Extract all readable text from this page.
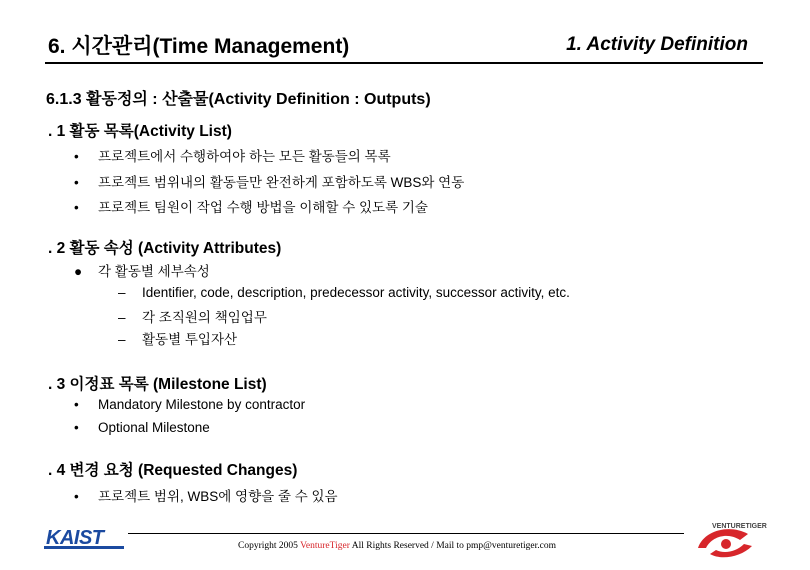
6. 시간관리(Time Management)	1. Activity Definition
6.1.3 활동정의 : 산출물(Activity Definition : Outputs)
. 1 활동 목록(Activity List)
• 프로젝트에서 수행하여야 하는 모든 활동들의 목록
• 프로젝트 범위내의 활동들만 완전하게 포함하도록 WBS와 연동
• 프로젝트 팀원이 작업 수행 방법을 이해할 수 있도록 기술
. 2 활동 속성 (Activity Attributes)
● 각 활동별 세부속성
– Identifier, code, description, predecessor activity, successor activity, etc.
– 각 조직원의 책임업무
– 활동별 투입자산
. 3 이정표 목록 (Milestone List)
• Mandatory Milestone by contractor
• Optional Milestone
. 4 변경 요청 (Requested Changes)
• 프로젝트 범위, WBS에 영향을 줄 수 있음
Copyright 2005 VentureTiger All Rights Reserved / Mail to pmp@venturetiger.com
KAIST
VENTURETIGER
